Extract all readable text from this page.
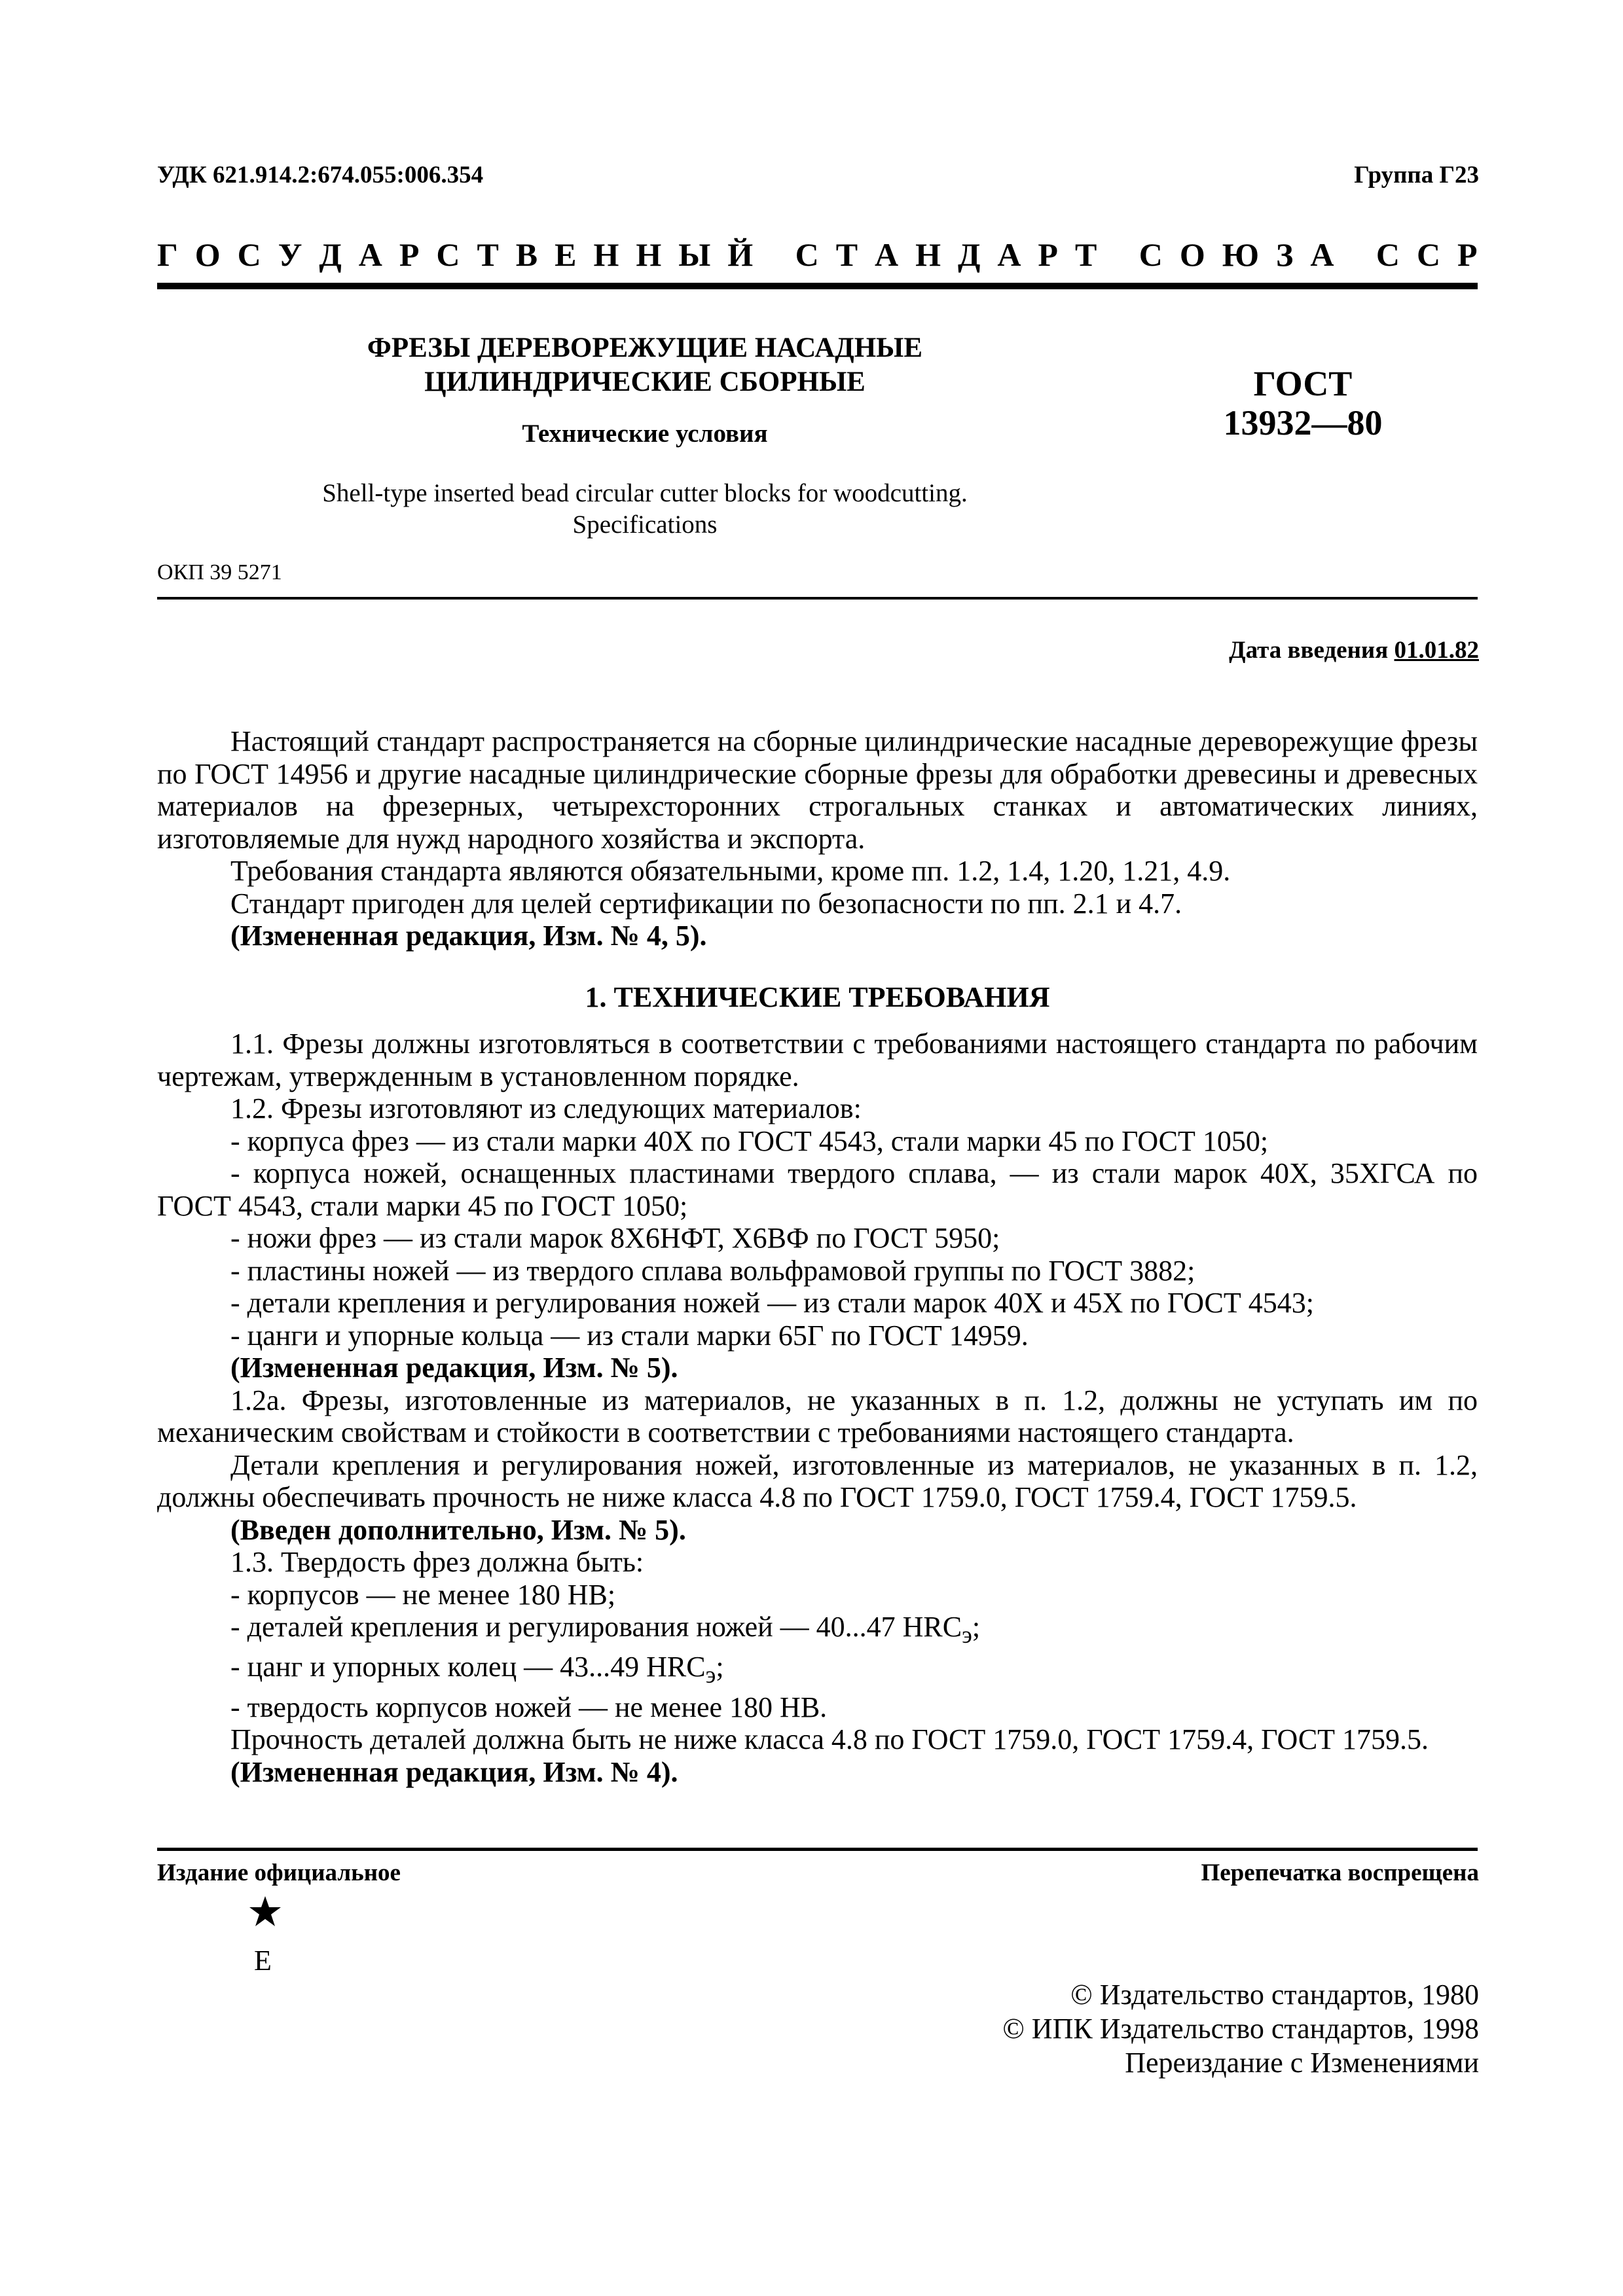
УДК 621.914.2:674.055:006.354	Группа Г23
Г О С У Д А Р С Т В Е Н Н Ы Й
С Т А Н Д А Р Т
С О Ю З А
С С Р
ФРЕЗЫ ДЕРЕВОРЕЖУЩИЕ НАСАДНЫЕ
ЦИЛИНДРИЧЕСКИЕ СБОРНЫЕ
Технические условия
Shell-type inserted bead circular cutter blocks for woodcutting.
Specifications
ГОСТ
13932—80
ОКП 39 5271
Дата введения 01.01.82

Настоящий стандарт распространяется на сборные цилиндрические насадные дереворежущие фрезы по ГОСТ 14956 и другие насадные цилиндрические сборные фрезы для обработки древесины и древесных материалов на фрезерных, четырехсторонних строгальных станках и автоматических линиях, изготовляемые для нужд народного хозяйства и экспорта.

Требования стандарта являются обязательными, кроме пп. 1.2, 1.4, 1.20, 1.21, 4.9.

Стандарт пригоден для целей сертификации по безопасности по пп. 2.1 и 4.7.

(Измененная редакция, Изм. № 4, 5).

1. ТЕХНИЧЕСКИЕ ТРЕБОВАНИЯ

1.1. Фрезы должны изготовляться в соответствии с требованиями настоящего стандарта по рабочим чертежам, утвержденным в установленном порядке.

1.2. Фрезы изготовляют из следующих материалов:

- корпуса фрез — из стали марки 40Х по ГОСТ 4543, стали марки 45 по ГОСТ 1050;

- корпуса ножей, оснащенных пластинами твердого сплава, — из стали марок 40Х, 35ХГСА по ГОСТ 4543, стали марки 45 по ГОСТ 1050;

- ножи фрез — из стали марок 8Х6НФТ, Х6ВФ по ГОСТ 5950;

- пластины ножей — из твердого сплава вольфрамовой группы по ГОСТ 3882;

- детали крепления и регулирования ножей — из стали марок 40Х и 45Х по ГОСТ 4543;

- цанги и упорные кольца — из стали марки 65Г по ГОСТ 14959.

(Измененная редакция, Изм. № 5).

1.2а. Фрезы, изготовленные из материалов, не указанных в п. 1.2, должны не уступать им по механическим свойствам и стойкости в соответствии с требованиями настоящего стандарта.

Детали крепления и регулирования ножей, изготовленные из материалов, не указанных в п. 1.2, должны обеспечивать прочность не ниже класса 4.8 по ГОСТ 1759.0, ГОСТ 1759.4, ГОСТ 1759.5.

(Введен дополнительно, Изм. № 5).

1.3. Твердость фрез должна быть:

- корпусов — не менее 180 НВ;

- деталей крепления и регулирования ножей — 40...47 $HRC_э$;

- цанг и упорных колец — 43...49 $HRC_э$;

- твердость корпусов ножей — не менее 180 НВ.

Прочность деталей должна быть не ниже класса 4.8 по ГОСТ 1759.0, ГОСТ 1759.4, ГОСТ 1759.5.

(Измененная редакция, Изм. № 4).

Издание официальное	Перепечатка воспрещена
Е
© Издательство стандартов, 1980
© ИПК Издательство стандартов, 1998
Переиздание с Изменениями
